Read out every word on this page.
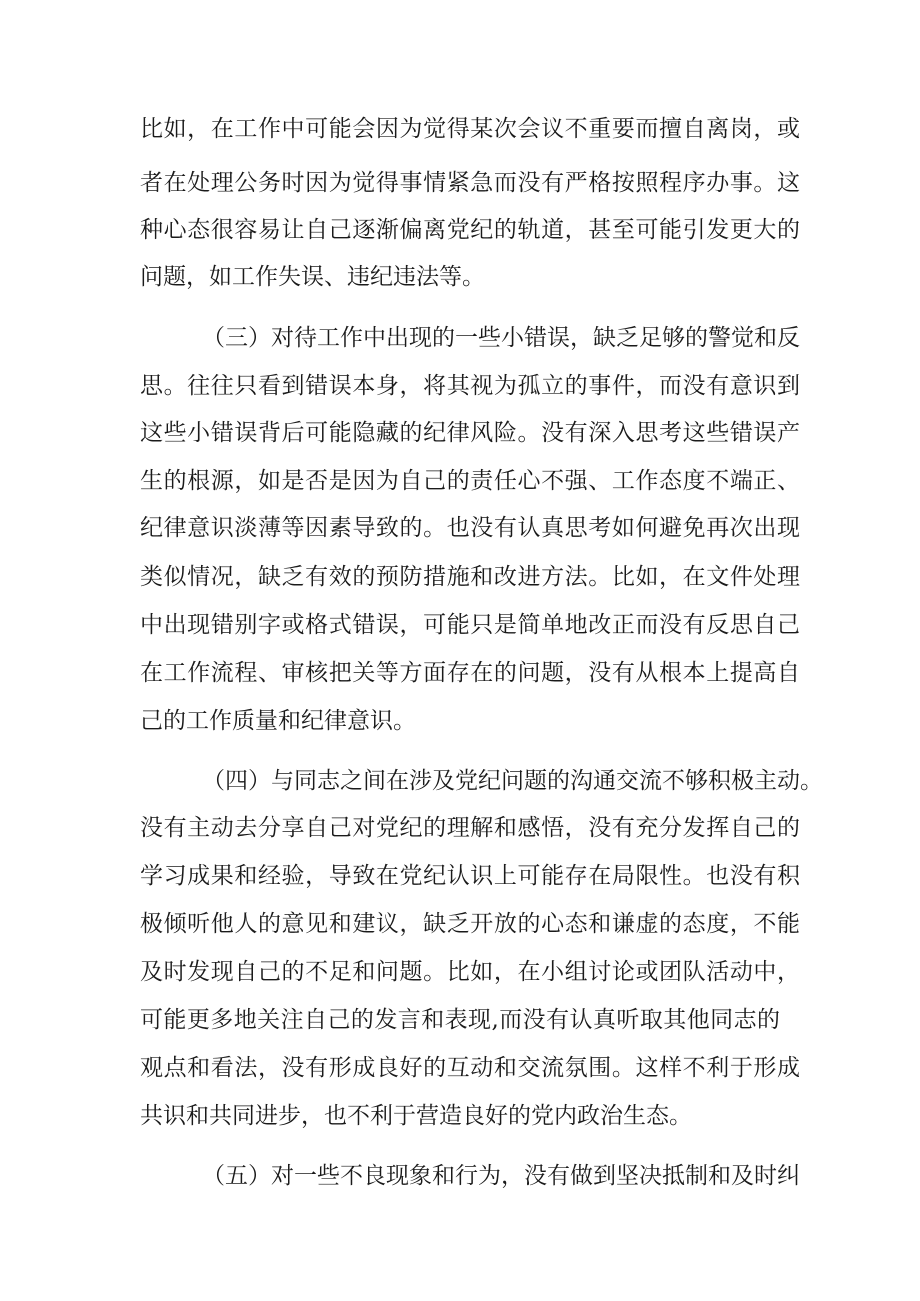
比如，在工作中可能会因为觉得某次会议不重要而擅自离岗，或
者在处理公务时因为觉得事情紧急而没有严格按照程序办事。这
种心态很容易让自己逐渐偏离党纪的轨道，甚至可能引发更大的
问题，如工作失误、违纪违法等。
（三）对待工作中出现的一些小错误，缺乏足够的警觉和反
思。往往只看到错误本身，将其视为孤立的事件，而没有意识到
这些小错误背后可能隐藏的纪律风险。没有深入思考这些错误产
生的根源，如是否是因为自己的责任心不强、工作态度不端正、
纪律意识淡薄等因素导致的。也没有认真思考如何避免再次出现
类似情况，缺乏有效的预防措施和改进方法。比如，在文件处理
中出现错别字或格式错误，可能只是简单地改正而没有反思自己
在工作流程、审核把关等方面存在的问题，没有从根本上提高自
己的工作质量和纪律意识。
（四）与同志之间在涉及党纪问题的沟通交流不够积极主动。
没有主动去分享自己对党纪的理解和感悟，没有充分发挥自己的
学习成果和经验，导致在党纪认识上可能存在局限性。也没有积
极倾听他人的意见和建议，缺乏开放的心态和谦虚的态度，不能
及时发现自己的不足和问题。比如，在小组讨论或团队活动中，
可能更多地关注自己的发言和表现,而没有认真听取其他同志的
观点和看法，没有形成良好的互动和交流氛围。这样不利于形成
共识和共同进步，也不利于营造良好的党内政治生态。
（五）对一些不良现象和行为，没有做到坚决抵制和及时纠
